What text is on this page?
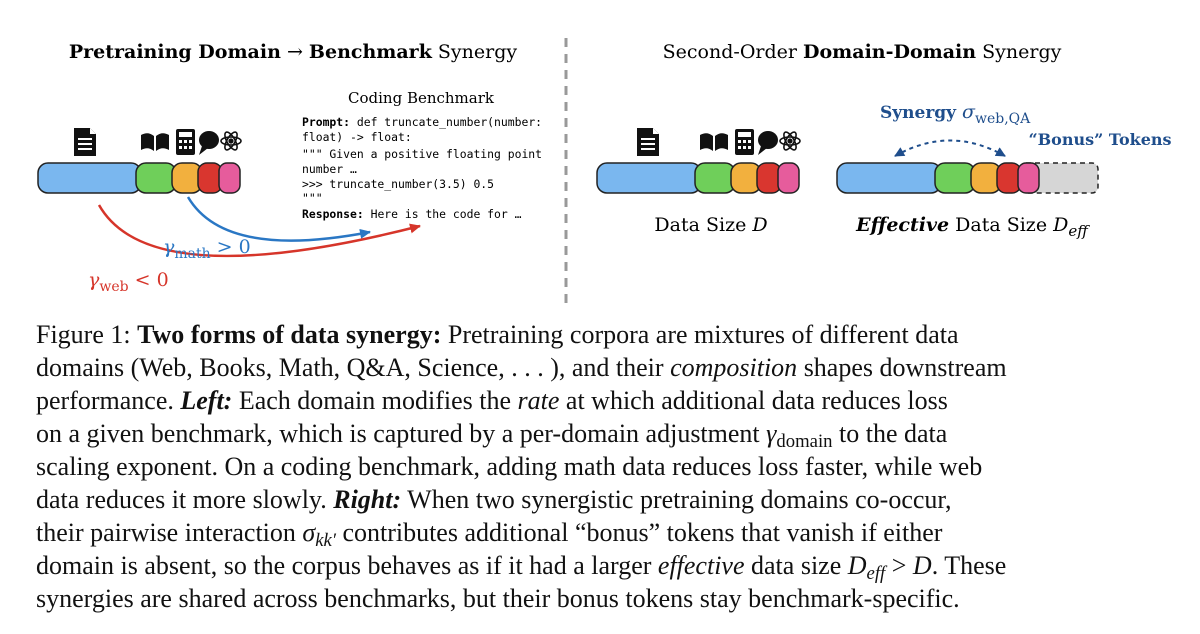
Pretraining Domain → Benchmark Synergy
Coding Benchmark
Prompt: def truncate_number(number:
float) -> float:
""" Given a positive floating point
number …
>>> truncate_number(3.5) 0.5
"""
Response: Here is the code for …
$\gamma_{math} > 0$
$\gamma_{web} < 0$
Second-Order Domain-Domain Synergy
Data Size D
Synergy $\sigma_{web,QA}$
“Bonus” Tokens
Effective Data Size $D_{eff}$
Figure 1: Two forms of data synergy: Pretraining corpora are mixtures of different data
domains (Web, Books, Math, Q&A, Science, . . . ), and their composition shapes downstream
performance. Left: Each domain modifies the rate at which additional data reduces loss
on a given benchmark, which is captured by a per-domain adjustment $\gamma_{domain}$ to the data
scaling exponent. On a coding benchmark, adding math data reduces loss faster, while web
data reduces it more slowly. Right: When two synergistic pretraining domains co-occur,
their pairwise interaction $\sigma_{kk'}$ contributes additional “bonus” tokens that vanish if either
domain is absent, so the corpus behaves as if it had a larger effective data size $D_{eff} > D$. These
synergies are shared across benchmarks, but their bonus tokens stay benchmark-specific.
